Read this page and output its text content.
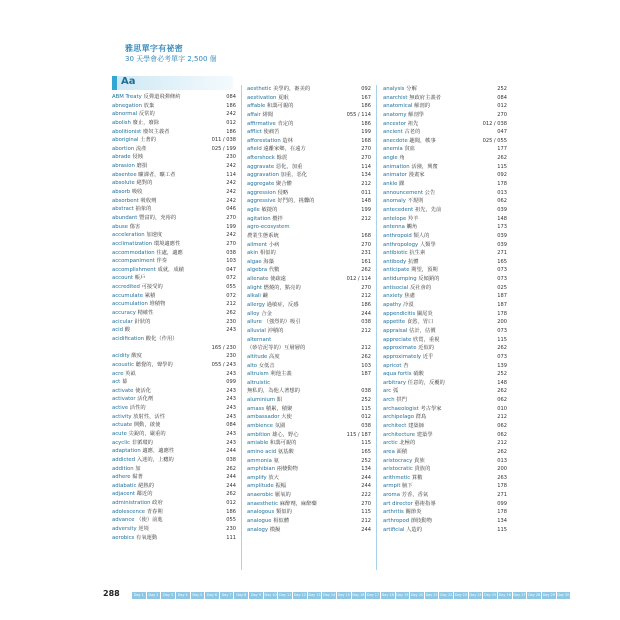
雅思單字有祕密
30 天學會必考單字 2,500 個
Aa
ABM Treaty 反彈道飛彈條約	084
abnegation 放棄	186
abnormal 反常的	242
abolish 廢止，廢除	012
abolitionist 廢奴主義者	186
aboriginal 土著的	011 / 038
abortion 流產	025 / 199
abrade 侵蝕	230
abrasion 磨損	242
absentee 曠課者，曠工者	114
absolute 絕對的	242
absorb 吸收	242
absorbent 吸收劑	242
abstract 抽象的	046
abundant 豐富的，充裕的	270
abuse 傷害	199
acceleration 加速度	242
acclimatization 環境適應性	270
accommodation 住處，適應	038
accompaniment 伴奏	103
accomplishment 成就，成績	047
account 帳戶	072
accredited 可接受的	055
accumulate 累積	072
accumulation 堆積物	212
accuracy 精確性	262
acicular 針狀的	230
acid 酸	243
acidification 酸化（作用）
165 / 230
acidity 酸度	230
acoustic 聽覺的，聲學的	055 / 243
acre 英畝	243
act 幕	099
activate 使活化	243
activator 活化劑	243
active 活性的	243
activity 放射性，活性	243
actuate 開動，啟使	084
acute 尖銳的，嚴重的	243
acyclic 非循環的	243
adaptation 適應，適應性	244
addicted 入迷的，上癮的	038
addition 加	262
adhere 黏著	244
adiabatic 絕熱的	244
adjacent 鄰近的	262
administration 政府	012
adolescence 青春期	186
advance （使）前進	055
adversity 逆境	230
aerobics 有氧運動	111
aesthetic 美學的，審美的	092
aestivation 夏眠	167
affable 和藹可親的	186
affair 緋聞	055 / 114
affirmative 肯定的	186
afflict 使痛苦	199
afforestation 造林	168
afield 遠離家鄉，在遠方	270
aftershock 餘震	270
aggravate 惡化，加重	114
aggravation 加重，惡化	134
aggregate 聚合體	212
aggression 侵略	011
aggressive 好鬥的，挑釁的	148
agile 敏捷的	199
agitation 攪拌	212
agro-ecosystem
農業生態系統	168
ailment 小病	270
akin 相似的	231
algae 海藻	161
algebra 代數	262
alienate 使疏遠	012 / 114
alight 燃燒的，點亮的	270
alkali 鹼	212
allergy 過敏症，反感	186
alloy 合金	244
allure （強烈的）吸引	038
alluvial 沖積的	212
alternant
（砂岩泥等的）互層層的	212
altitude 高度	262
alto 女低音	103
altruism 利他主義	187
altruistic
無私的，為他人著想的	038
aluminium 鋁	252
amass 積累，積聚	115
ambassador 大使	012
ambience 氛圍	038
ambition 雄心，野心	115 / 187
amiable 和藹可親的	115
amino acid 氨基酸	165
ammonia 氨	252
amphibian 兩棲動物	134
amplify 放大	244
amplitude 振幅	244
anaerobic 厭氧的	222
anaesthetic 麻醉劑，麻醉藥	270
analogous 類似的	115
analogue 相似體	212
analogy 模擬	244
analysis 分解	252
anarchist 無政府主義者	084
anatomical 解剖的	012
anatomy 解剖學	270
ancestor 祖先	012 / 038
ancient 古老的	047
anecdote 趣聞，軼事	025 / 055
anemia 貧血	177
angle 角	262
animation 活潑，興奮	115
animator 漫畫家	092
ankle 踝	178
announcement 公告	013
anomaly 不規則	062
antecedent 祖先，先前	039
antelope 羚羊	148
antenna 觸角	173
anthropoid 類人的	039
anthropology 人類學	039
antibiotic 抗生素	271
antibody 抗體	165
anticipate 期望，預期	073
antidumping 反傾銷的	073
antisocial 反社會的	025
anxiety 焦慮	187
apathy 冷漠	187
appendicitis 闌尾炎	178
appetite 食慾，胃口	200
appraisal 估計，估價	073
appreciate 欣賞，重視	115
approximate 近似的	262
approximately 近乎	073
apricot 杏	139
aqua fortis 硝酸	252
arbitrary 任意的，反覆的	148
arc 弧	262
arch 拱門	062
archaeologist 考古學家	010
archipelago 群島	212
architect 建築師	062
architecture 建築學	062
arctic 北極的	212
area 面積	262
aristocracy 貴族	013
aristocratic 貴族的	200
arithmetic 算數	263
armpit 腋下	178
aroma 芳香，香氣	271
art director 藝術指導	099
arthritis 關節炎	178
arthropod 節肢動物	134
artificial 人造的	115
288	Day 1	Day 2	Day 3	Day 4	Day 5	Day 6	Day 7	Day 8	Day 9	Day 10 Day 11 Day 12 Day 13 Day 14 Day 15 Day 16 Day 17 Day 18 Day 19 Day 20 Day 21 Day 22 Day 23 Day 24 Day 25 Day 26 Day 27 Day 28 Day 29 Day 30
